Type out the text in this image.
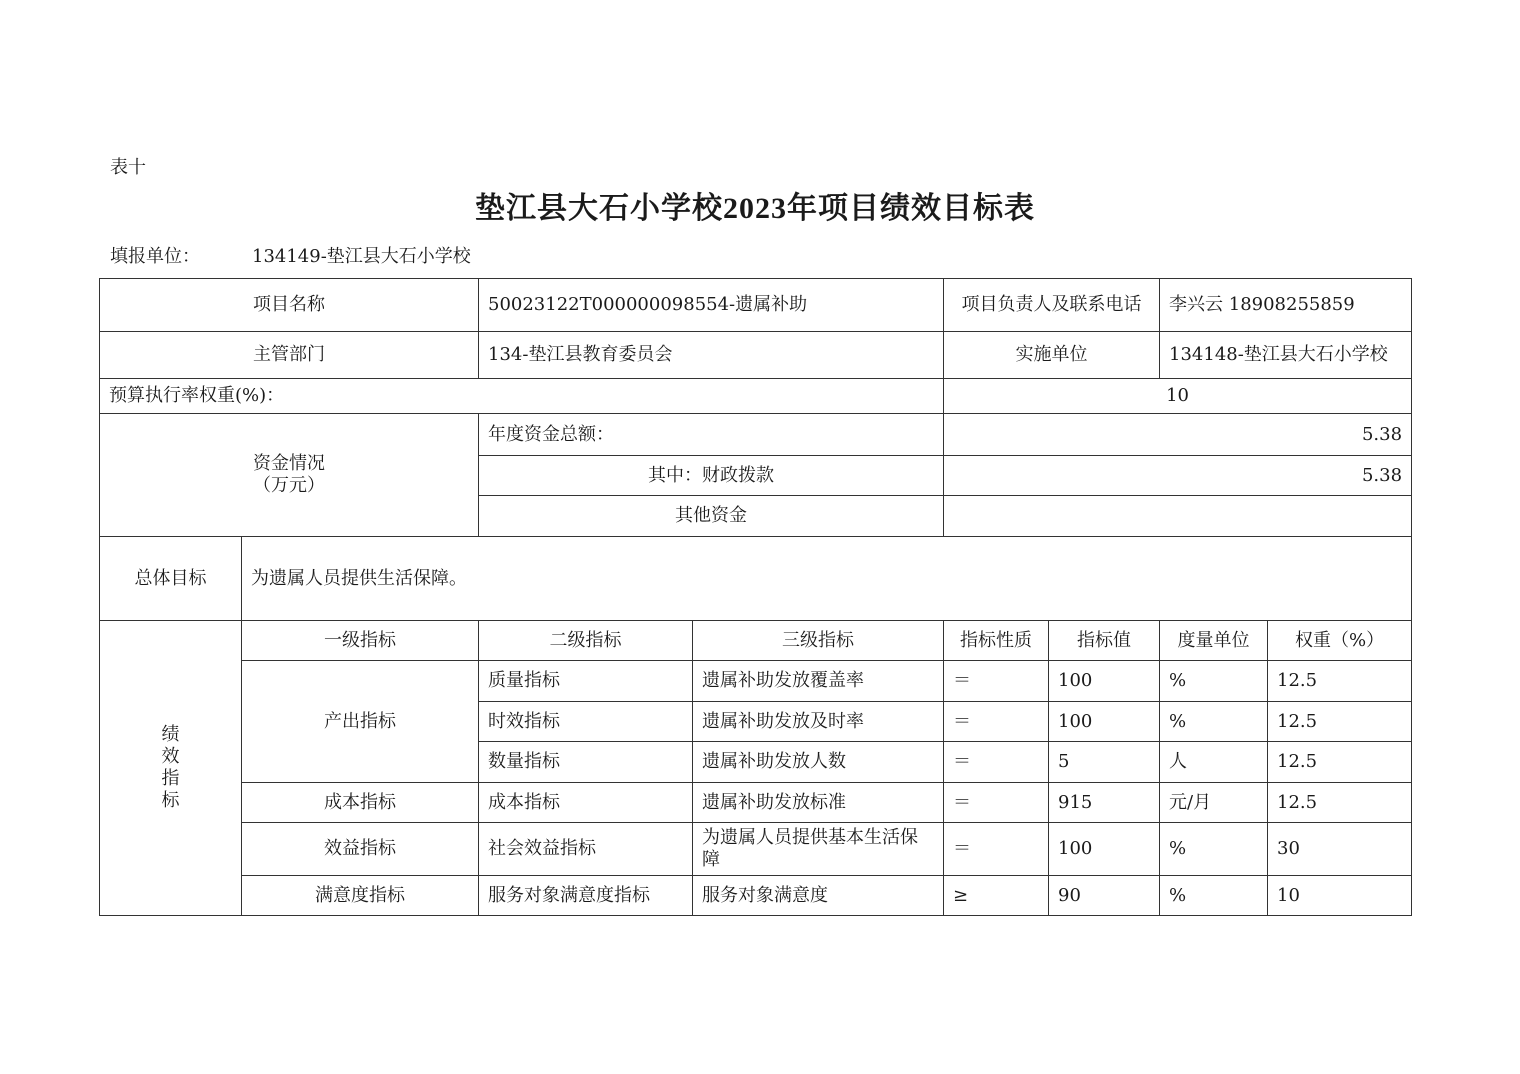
表十
垫江县大石小学校2023年项目绩效目标表
填报单位：	134149-垫江县大石小学校
项目名称		50023122T000000098554-遗属补助		项目负责人及联系电话		李兴云 18908255859	
主管部门		134-垫江县教育委员会		实施单位		134148-垫江县大石小学校	
预算执行率权重(%)：				10			

资金情况
（万元）		年度资金总额：		5.38			
		其中：财政拨款		5.38			
		其他资金					
总体目标	为遗属人员提供生活保障。						

绩
效
指
标	一级指标	二级指标	三级指标	指标性质	指标值	度量单位	权重（%）
	产出指标	质量指标	遗属补助发放覆盖率	＝	100	%	12.5
		时效指标	遗属补助发放及时率	＝	100	%	12.5
		数量指标	遗属补助发放人数	＝	5	人	12.5
	成本指标	成本指标	遗属补助发放标准	＝	915	元/月	12.5
	效益指标	社会效益指标	为遗属人员提供基本生活保障	＝	100	%	30
	满意度指标	服务对象满意度指标	服务对象满意度	≥	90	%	10
